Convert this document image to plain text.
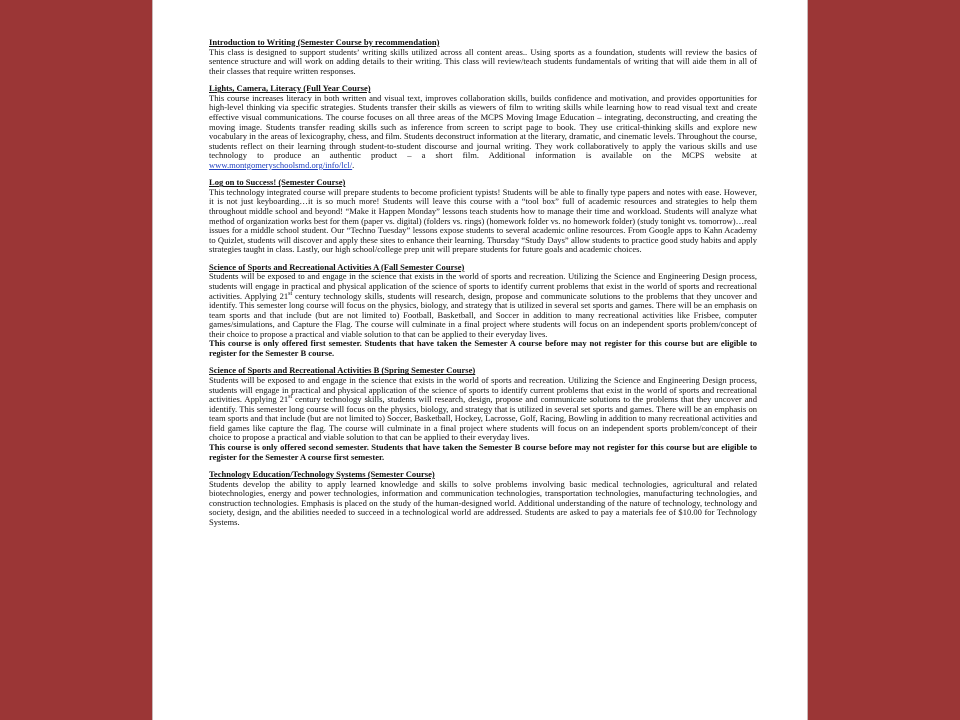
Introduction to Writing (Semester Course by recommendation)

This class is designed to support students’ writing skills utilized across all content areas.. Using sports as a foundation, students will review the basics of sentence structure and will work on adding details to their writing. This class will review/teach students fundamentals of writing that will aide them in all of their classes that require written responses.

Lights, Camera, Literacy (Full Year Course)

This course increases literacy in both written and visual text, improves collaboration skills, builds confidence and motivation, and provides opportunities for high-level thinking via specific strategies. Students transfer their skills as viewers of film to writing skills while learning how to read visual text and create effective visual communications. The course focuses on all three areas of the MCPS Moving Image Education – integrating, deconstructing, and creating the moving image. Students transfer reading skills such as inference from screen to script page to book. They use critical-thinking skills and explore new vocabulary in the areas of lexicography, chess, and film. Students deconstruct information at the literary, dramatic, and cinematic levels. Throughout the course, students reflect on their learning through student-to-student discourse and journal writing. They work collaboratively to apply the various skills and use technology to produce an authentic product – a short film. Additional information is available on the MCPS website at www.montgomeryschoolsmd.org/info/lcl/.

Log on to Success! (Semester Course)

This technology integrated course will prepare students to become proficient typists! Students will be able to finally type papers and notes with ease. However, it is not just keyboarding…it is so much more! Students will leave this course with a “tool box” full of academic resources and strategies to help them throughout middle school and beyond! “Make it Happen Monday” lessons teach students how to manage their time and workload. Students will analyze what method of organization works best for them (paper vs. digital) (folders vs. rings) (homework folder vs. no homework folder) (study tonight vs. tomorrow)…real issues for a middle school student. Our “Techno Tuesday” lessons expose students to several academic online resources. From Google apps to Kahn Academy to Quizlet, students will discover and apply these sites to enhance their learning. Thursday “Study Days” allow students to practice good study habits and apply strategies taught in class. Lastly, our high school/college prep unit will prepare students for future goals and academic choices.

Science of Sports and Recreational Activities A (Fall Semester Course)

Students will be exposed to and engage in the science that exists in the world of sports and recreation. Utilizing the Science and Engineering Design process, students will engage in practical and physical application of the science of sports to identify current problems that exist in the world of sports and recreational activities. Applying 21st century technology skills, students will research, design, propose and communicate solutions to the problems that they uncover and identify. This semester long course will focus on the physics, biology, and strategy that is utilized in several set sports and games. There will be an emphasis on team sports and that include (but are not limited to) Football, Basketball, and Soccer in addition to many recreational activities like Frisbee, computer games/simulations, and Capture the Flag. The course will culminate in a final project where students will focus on an independent sports problem/concept of their choice to propose a practical and viable solution to that can be applied to their everyday lives.

This course is only offered first semester. Students that have taken the Semester A course before may not register for this course but are eligible to register for the Semester B course.

Science of Sports and Recreational Activities B (Spring Semester Course)

Students will be exposed to and engage in the science that exists in the world of sports and recreation. Utilizing the Science and Engineering Design process, students will engage in practical and physical application of the science of sports to identify current problems that exist in the world of sports and recreational activities. Applying 21st century technology skills, students will research, design, propose and communicate solutions to the problems that they uncover and identify. This semester long course will focus on the physics, biology, and strategy that is utilized in several set sports and games. There will be an emphasis on team sports and that include (but are not limited to) Soccer, Basketball, Hockey, Lacrosse, Golf, Racing, Bowling in addition to many recreational activities and field games like capture the flag. The course will culminate in a final project where students will focus on an independent sports problem/concept of their choice to propose a practical and viable solution to that can be applied to their everyday lives.

This course is only offered second semester. Students that have taken the Semester B course before may not register for this course but are eligible to register for the Semester A course first semester.

Technology Education/Technology Systems (Semester Course)

Students develop the ability to apply learned knowledge and skills to solve problems involving basic medical technologies, agricultural and related biotechnologies, energy and power technologies, information and communication technologies, transportation technologies, manufacturing technologies, and construction technologies. Emphasis is placed on the study of the human-designed world. Additional understanding of the nature of technology, technology and society, design, and the abilities needed to succeed in a technological world are addressed. Students are asked to pay a materials fee of $10.00 for Technology Systems.
